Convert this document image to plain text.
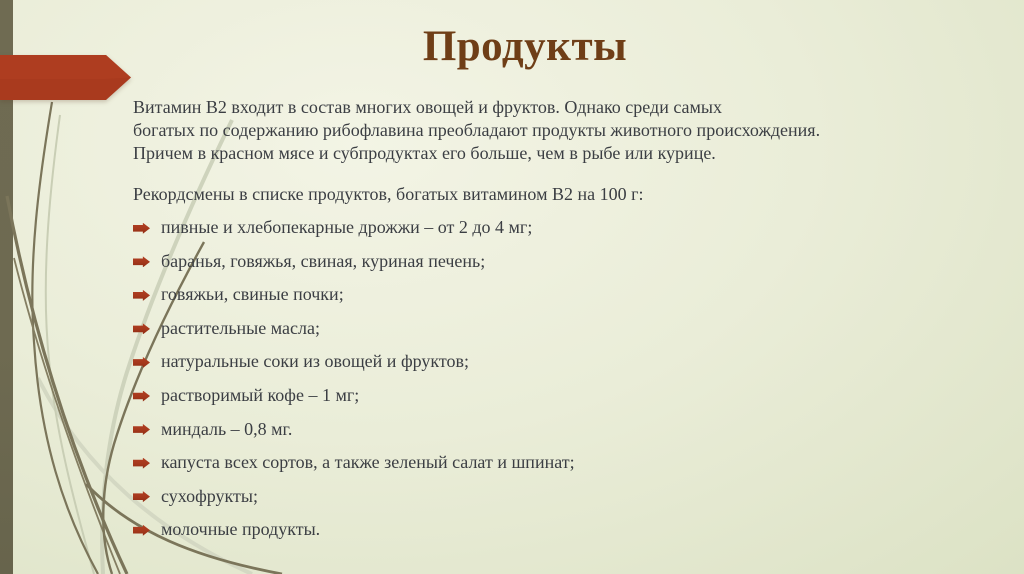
Продукты
Витамин В2 входит в состав многих овощей и фруктов. Однако среди самых
богатых по содержанию рибофлавина преобладают продукты животного происхождения.
Причем в красном мясе и субпродуктах его больше, чем в рыбе или курице.
Рекордсмены в списке продуктов, богатых витамином В2 на 100 г:
пивные и хлебопекарные дрожжи – от 2 до 4 мг;
баранья, говяжья, свиная, куриная печень;
говяжьи, свиные почки;
растительные масла;
натуральные соки из овощей и фруктов;
растворимый кофе – 1 мг;
миндаль – 0,8 мг.
капуста всех сортов, а также зеленый салат и шпинат;
сухофрукты;
молочные продукты.
